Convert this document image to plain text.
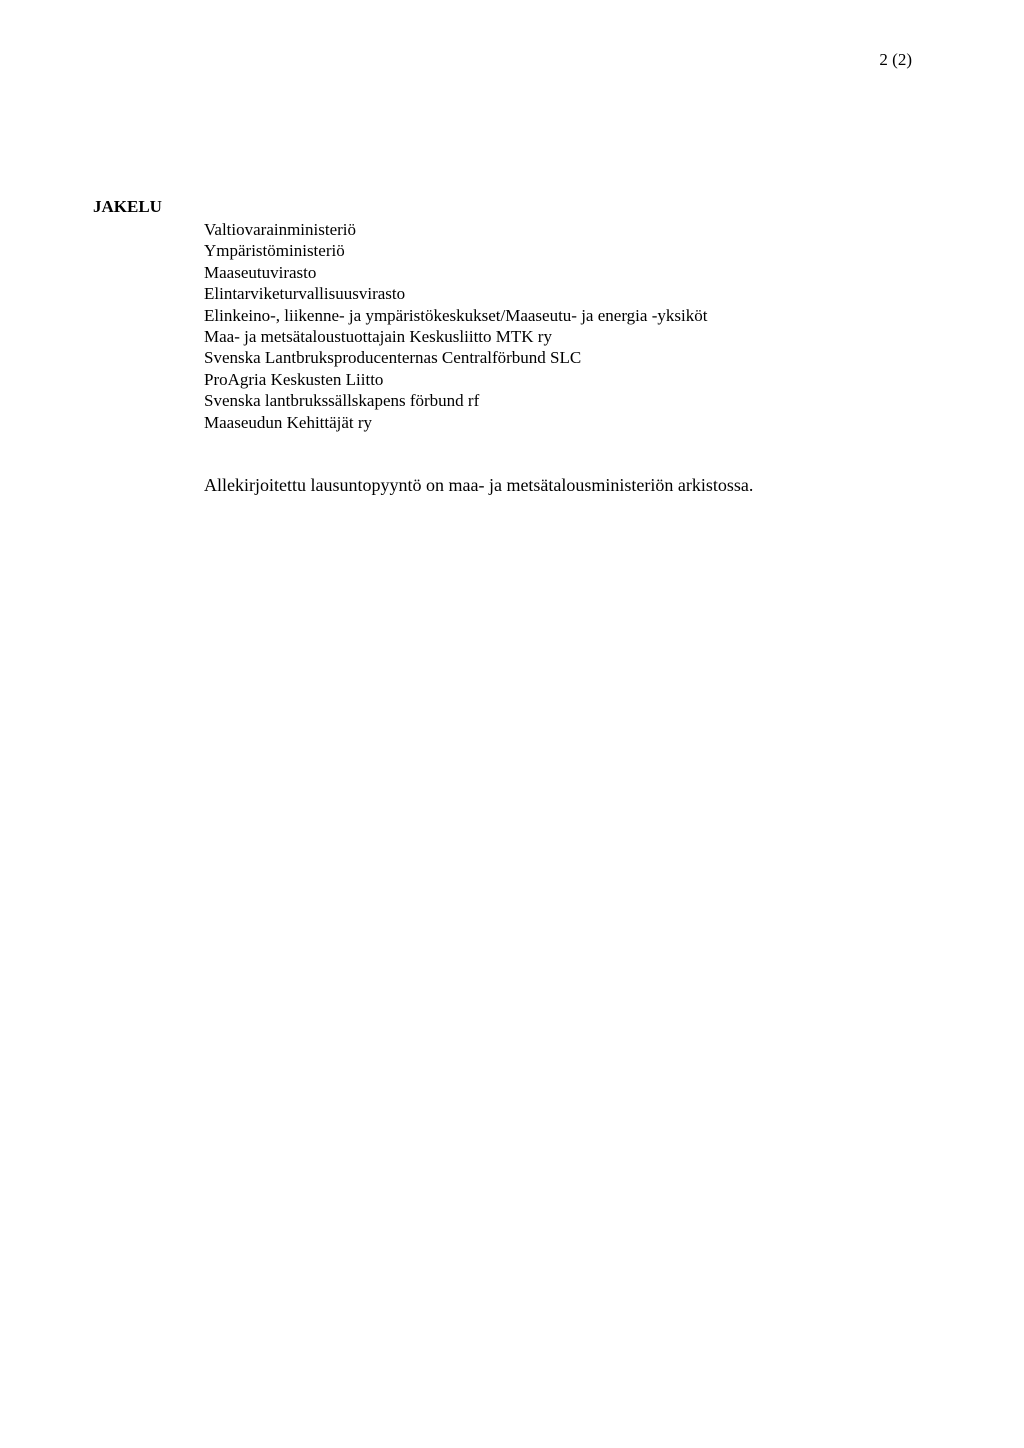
2 (2)
JAKELU
Valtiovarainministeriö
Ympäristöministeriö
Maaseutuvirasto
Elintarviketurvallisuusvirasto
Elinkeino-, liikenne- ja ympäristökeskukset/Maaseutu- ja energia -yksiköt
Maa- ja metsätaloustuottajain Keskusliitto MTK ry
Svenska Lantbruksproducenternas Centralförbund SLC
ProAgria Keskusten Liitto
Svenska lantbrukssällskapens förbund rf
Maaseudun Kehittäjät ry
Allekirjoitettu lausuntopyyntö on maa- ja metsätalousministeriön arkistossa.
